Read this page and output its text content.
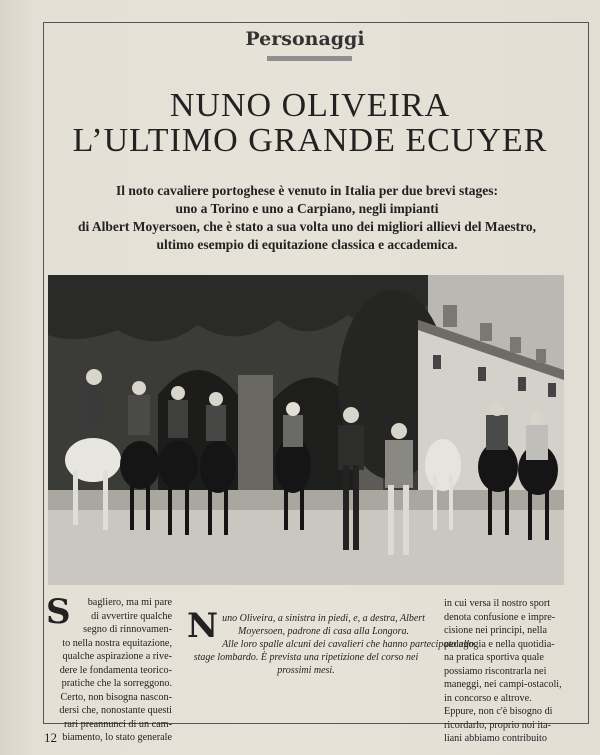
Personaggi
NUNO OLIVEIRA
L’ULTIMO GRANDE ECUYER
Il noto cavaliere portoghese è venuto in Italia per due brevi stages:
uno a Torino e uno a Carpiano, negli impianti
di Albert Moyersoen, che è stato a sua volta uno dei migliori allievi del Maestro,
ultimo esempio di equitazione classica e accademica.
S	bagliero, ma mi pare
di avvertire qualche
segno di rinnovamen-
to nella nostra equitazione,
qualche aspirazione a rive-
dere le fondamenta teorico-
pratiche che la sorreggono.
Certo, non bisogna nascon-
dersi che, nonostante questi
rari preannunci di un cam-
biamento, lo stato generale
N uno Oliveira, a sinistra in piedi, e, a destra, Albert
Moyersoen, padrone di casa alla Longora.
Alle loro spalle alcuni dei cavalieri che hanno partecipato allo
stage lombardo. È prevista una ripetizione del corso nei
prossimi mesi.
in cui versa il nostro sport
denota confusione e impre-
cisione nei principi, nella
pedagogia e nella quotidia-
na pratica sportiva quale
possiamo riscontrarla nei
maneggi, nei campi-ostacoli,
in concorso e altrove.
Eppure, non c'è bisogno di
ricordarlo, proprio noi ita-
liani abbiamo contribuito
12
